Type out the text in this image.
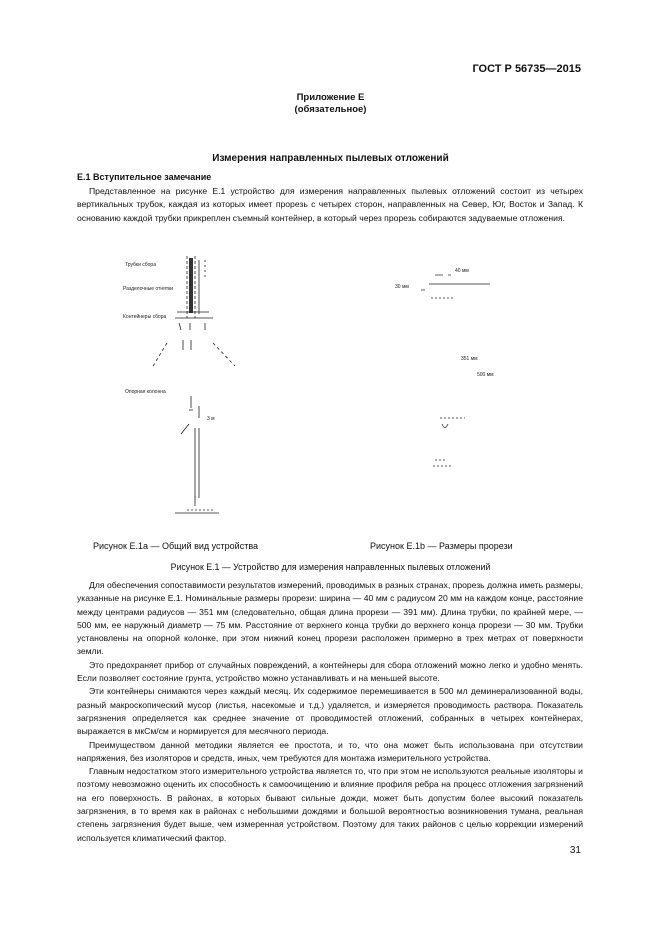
ГОСТ Р 56735—2015
Приложение Е
(обязательное)
Измерения направленных пылевых отложений
Е.1 Вступительное замечание
Представленное на рисунке Е.1 устройство для измерения направленных пылевых отложений состоит из четырех вертикальных трубок, каждая из которых имеет прорезь с четырех сторон, направленных на Север, Юг, Восток и Запад. К основанию каждой трубки прикреплен съемный контейнер, в который через прорезь собираются задуваемые отложения.
Трубки сбора
Разделочные отнятки
Контейнеры сбора
Опорная колонна
3 м
40 мм
30 мм
351 мм
500 мм
Рисунок Е.1а — Общий вид устройства	Рисунок Е.1b — Размеры прорези
Рисунок Е.1 — Устройство для измерения направленных пылевых отложений
Для обеспечения сопоставимости результатов измерений, проводимых в разных странах, прорезь должна иметь размеры, указанные на рисунке Е.1. Номинальные размеры прорези: ширина — 40 мм с радиусом 20 мм на каждом конце, расстояние между центрами радиусов — 351 мм (следовательно, общая длина прорези — 391 мм). Длина трубки, по крайней мере, — 500 мм, ее наружный диаметр — 75 мм. Расстояние от верхнего конца трубки до верхнего конца прорези — 30 мм. Трубки установлены на опорной колонке, при этом нижний конец прорези расположен примерно в трех метрах от поверхности земли.
Это предохраняет прибор от случайных повреждений, а контейнеры для сбора отложений можно легко и удобно менять. Если позволяет состояние грунта, устройство можно устанавливать и на меньшей высоте.
Эти контейнеры снимаются через каждый месяц. Их содержимое перемешивается в 500 мл деминерализованной воды, разный макроскопический мусор (листья, насекомые и т.д.) удаляется, и измеряется проводимость раствора. Показатель загрязнения определяется как среднее значение от проводимостей отложений, собранных в четырех контейнерах, выражается в мкСм/см и нормируется для месячного периода.
Преимуществом данной методики является ее простота, и то, что она может быть использована при отсутствии напряжения, без изоляторов и средств, иных, чем требуются для монтажа измерительного устройства.
Главным недостатком этого измерительного устройства является то, что при этом не используются реальные изоляторы и поэтому невозможно оценить их способность к самоочищению и влияние профиля ребра на процесс отложения загрязнений на его поверхность. В районах, в которых бывают сильные дожди, может быть допустим более высокий показатель загрязнения, в то время как в районах с небольшими дождями и большой вероятностью возникновения тумана, реальная степень загрязнения будет выше, чем измеренная устройством. Поэтому для таких районов с целью коррекции измерений используется климатический фактор.
31
